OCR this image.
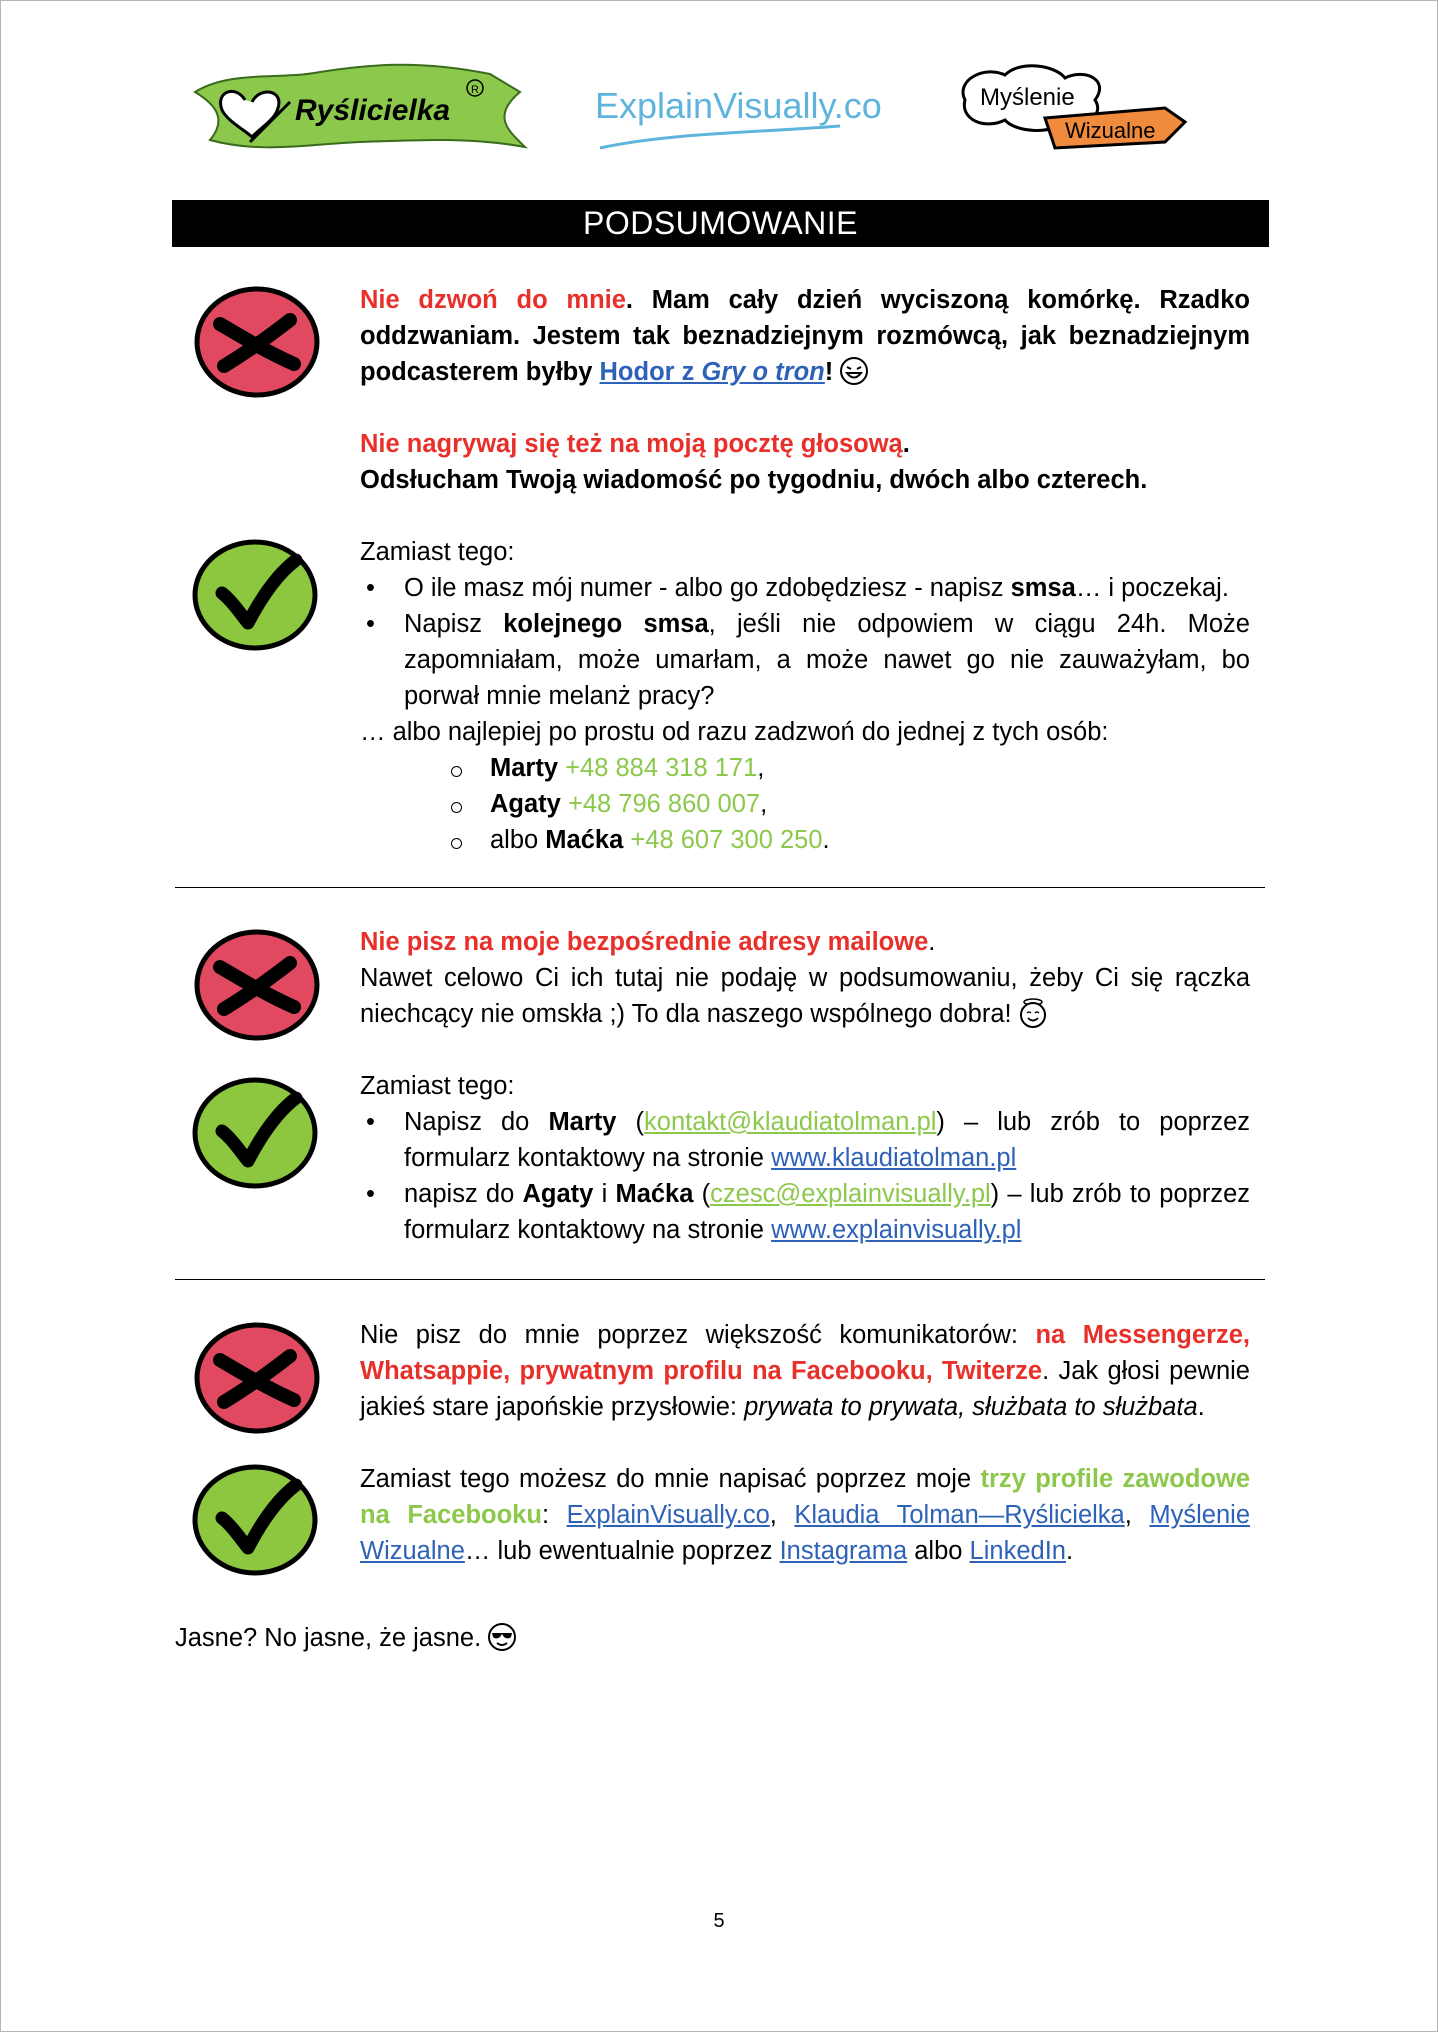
Ryślicielka
R	ExplainVisually.co	Myślenie
Wizualne
PODSUMOWANIE

Nie dzwoń do mnie. Mam cały dzień wyciszoną komórkę. Rzadko oddzwaniam. Jestem tak beznadziejnym rozmówcą, jak beznadziejnym podcasterem byłby Hodor z Gry o tron!

Nie nagrywaj się też na moją pocztę głosową.
Odsłucham Twoją wiadomość po tygodniu, dwóch albo czterech.

Zamiast tego:

• O ile masz mój numer - albo go zdobędziesz - napisz smsa… i poczekaj.
• Napisz kolejnego smsa, jeśli nie odpowiem w ciągu 24h. Może zapomniałam, może umarłam, a może nawet go nie zauważyłam, bo porwał mnie melanż pracy?

… albo najlepiej po prostu od razu zadzwoń do jednej z tych osób:

Marty +48 884 318 171,
Agaty +48 796 860 007,
albo Maćka +48 607 300 250.

Nie pisz na moje bezpośrednie adresy mailowe.
Nawet celowo Ci ich tutaj nie podaję w podsumowaniu, żeby Ci się rączka niechcący nie omskła ;) To dla naszego wspólnego dobra!

Zamiast tego:

• Napisz do Marty (kontakt@klaudiatolman.pl) – lub zrób to poprzez formularz kontaktowy na stronie www.klaudiatolman.pl
• napisz do Agaty i Maćka (czesc@explainvisually.pl) – lub zrób to poprzez formularz kontaktowy na stronie www.explainvisually.pl

Nie pisz do mnie poprzez większość komunikatorów: na Messengerze, Whatsappie, prywatnym profilu na Facebooku, Twiterze. Jak głosi pewnie jakieś stare japońskie przysłowie: prywata to prywata, służbata to służbata.

Zamiast tego możesz do mnie napisać poprzez moje trzy profile zawodowe na Facebooku: ExplainVisually.co, Klaudia Tolman—Ryślicielka, Myślenie Wizualne… lub ewentualnie poprzez Instagrama albo LinkedIn.

Jasne? No jasne, że jasne.
5
